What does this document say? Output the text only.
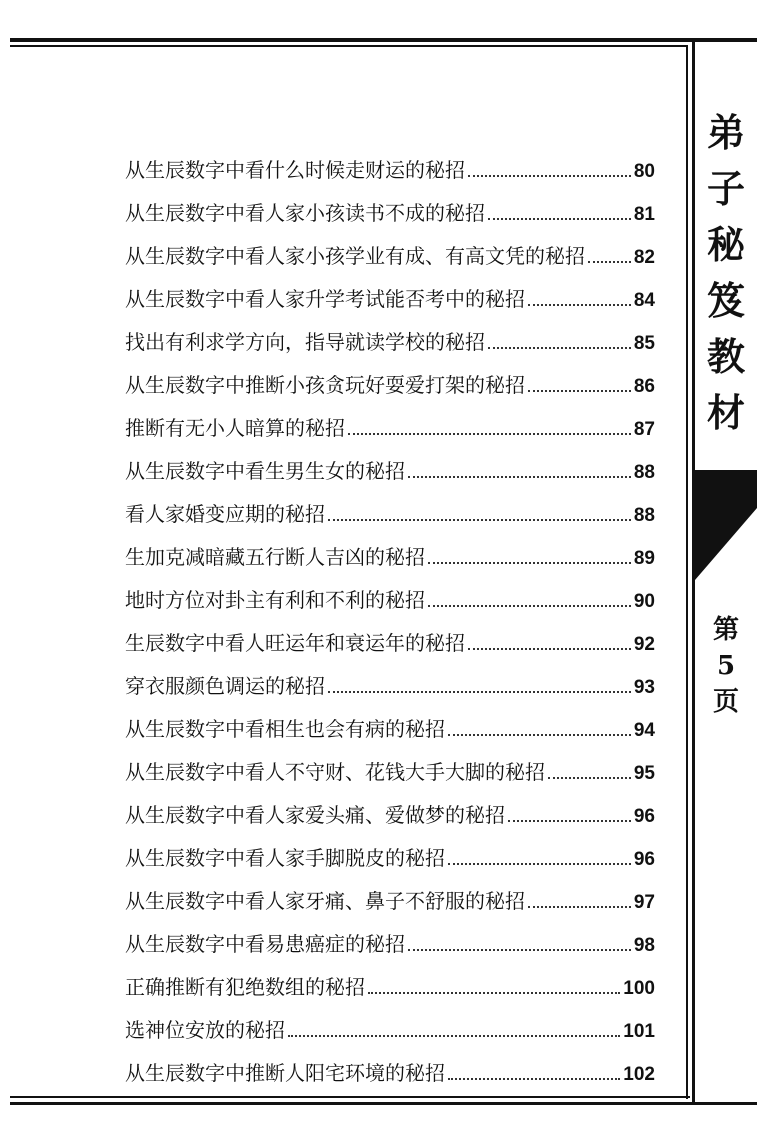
弟
子
秘
笈
教
材
第
5
页
从生辰数字中看什么时候走财运的秘招	80
从生辰数字中看人家小孩读书不成的秘招	81
从生辰数字中看人家小孩学业有成、有高文凭的秘招	82
从生辰数字中看人家升学考试能否考中的秘招	84
找出有利求学方向，指导就读学校的秘招	85
从生辰数字中推断小孩贪玩好耍爱打架的秘招	86
推断有无小人暗算的秘招	87
从生辰数字中看生男生女的秘招	88
看人家婚变应期的秘招	88
生加克减暗藏五行断人吉凶的秘招	89
地时方位对卦主有利和不利的秘招	90
生辰数字中看人旺运年和衰运年的秘招	92
穿衣服颜色调运的秘招	93
从生辰数字中看相生也会有病的秘招	94
从生辰数字中看人不守财、花钱大手大脚的秘招	95
从生辰数字中看人家爱头痛、爱做梦的秘招	96
从生辰数字中看人家手脚脱皮的秘招	96
从生辰数字中看人家牙痛、鼻子不舒服的秘招	97
从生辰数字中看易患癌症的秘招	98
正确推断有犯绝数组的秘招	100
选神位安放的秘招	101
从生辰数字中推断人阳宅环境的秘招	102
